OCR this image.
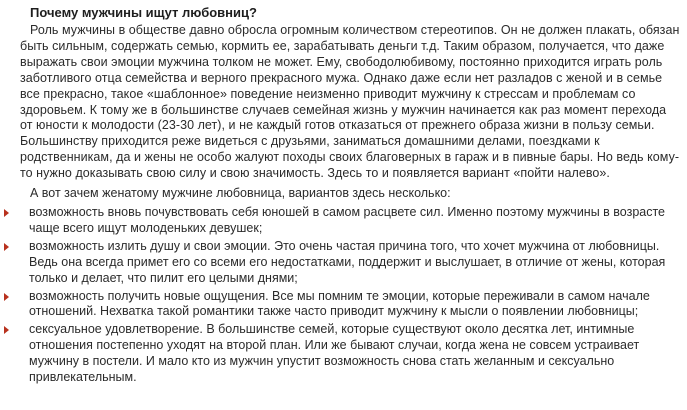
Почему мужчины ищут любовниц?

Роль мужчины в обществе давно обросла огромным количеством стереотипов. Он не должен плакать, обязан быть сильным, содержать семью, кормить ее, зарабатывать деньги т.д. Таким образом, получается, что даже выражать свои эмоции мужчина толком не может. Ему, свободолюбивому, постоянно приходится играть роль заботливого отца семейства и верного прекрасного мужа. Однако даже если нет разладов с женой и в семье все прекрасно, такое «шаблонное» поведение неизменно приводит мужчину к стрессам и проблемам со здоровьем. К тому же в большинстве случаев семейная жизнь у мужчин начинается как раз момент перехода от юности к молодости (23-30 лет), и не каждый готов отказаться от прежнего образа жизни в пользу семьи. Большинству приходится реже видеться с друзьями, заниматься домашними делами, поездками к родственникам, да и жены не особо жалуют походы своих благоверных в гараж и в пивные бары. Но ведь кому-то нужно доказывать свою силу и свою значимость. Здесь то и появляется вариант «пойти налево».

А вот зачем женатому мужчине любовница, вариантов здесь несколько:

возможность вновь почувствовать себя юношей в самом расцвете сил. Именно поэтому мужчины в возрасте чаще всего ищут молоденьких девушек;
возможность излить душу и свои эмоции. Это очень частая причина того, что хочет мужчина от любовницы. Ведь она всегда примет его со всеми его недостатками, поддержит и выслушает, в отличие от жены, которая только и делает, что пилит его целыми днями;
возможность получить новые ощущения. Все мы помним те эмоции, которые переживали в самом начале отношений. Нехватка такой романтики также часто приводит мужчину к мысли о появлении любовницы;
сексуальное удовлетворение. В большинстве семей, которые существуют около десятка лет, интимные отношения постепенно уходят на второй план. Или же бывают случаи, когда жена не совсем устраивает мужчину в постели. И мало кто из мужчин упустит возможность снова стать желанным и сексуально привлекательным.
